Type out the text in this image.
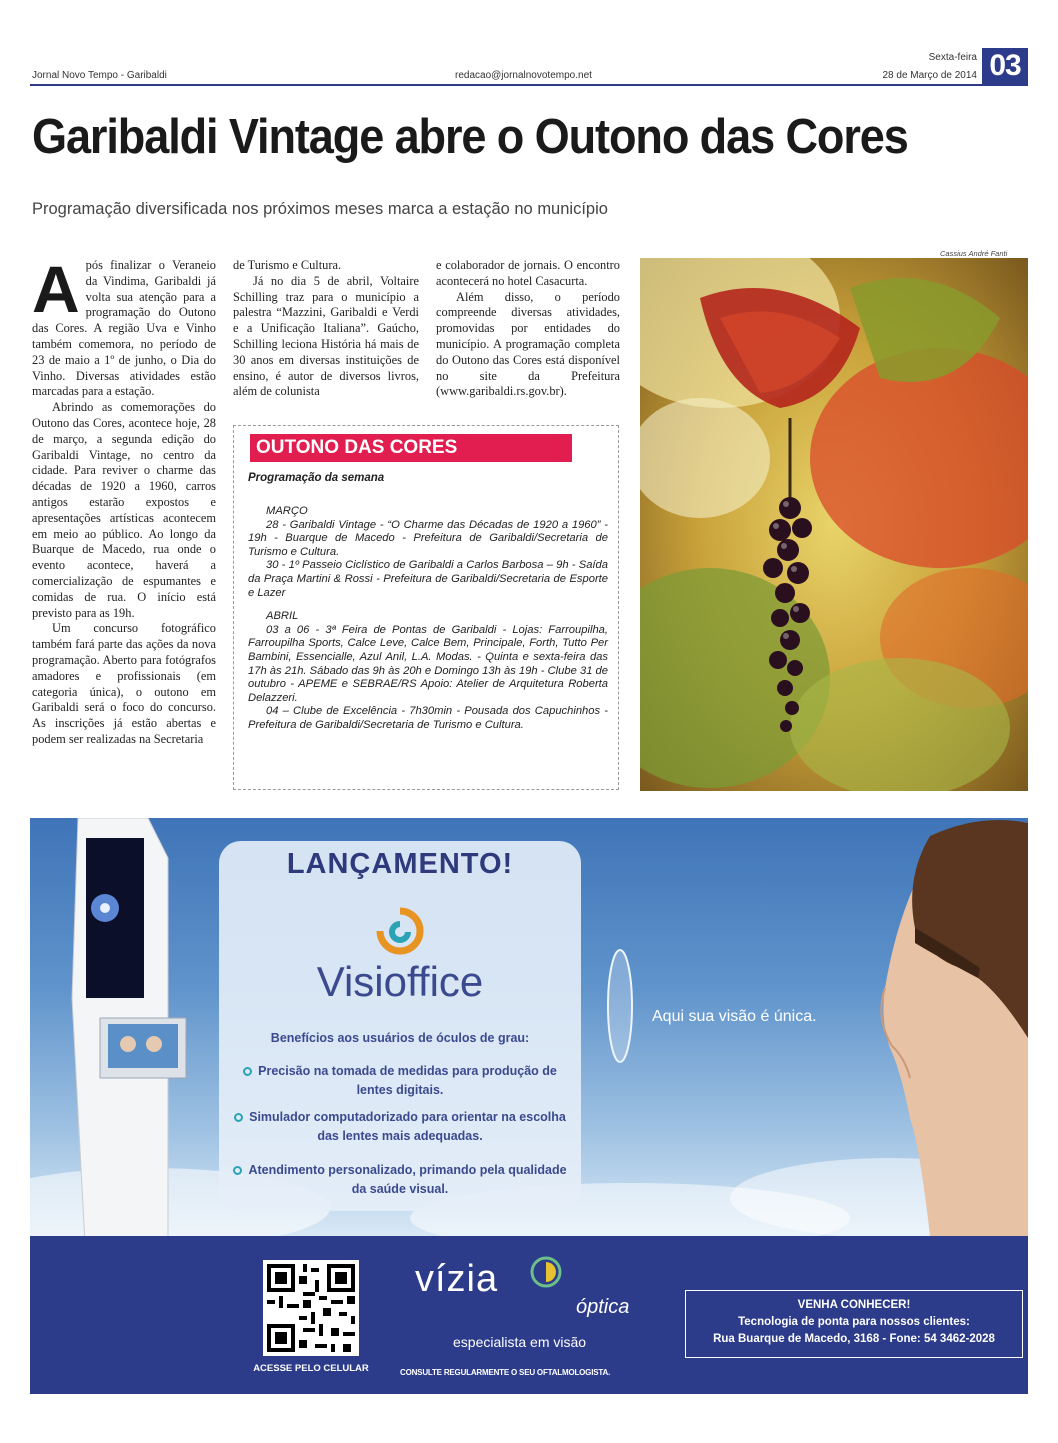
Jornal Novo Tempo - Garibaldi	redacao@jornalnovotempo.net
Sexta-feira
28 de Março de 2014 03
Garibaldi Vintage abre o Outono das Cores
Programação diversificada nos próximos meses marca a estação no município
A pós finalizar o Veraneio da Vindima, Garibaldi já volta sua atenção para a programação do Outono das Cores. A região Uva e Vinho também comemora, no período de 23 de maio a 1º de junho, o Dia do Vinho. Diversas atividades estão marcadas para a estação.

Abrindo as comemorações do Outono das Cores, acontece hoje, 28 de março, a segunda edição do Garibaldi Vintage, no centro da cidade. Para reviver o charme das décadas de 1920 a 1960, carros antigos estarão expostos e apresentações artísticas acontecem em meio ao público. Ao longo da Buarque de Macedo, rua onde o evento acontece, haverá a comercialização de espumantes e comidas de rua. O início está previsto para as 19h.

Um concurso fotográfico também fará parte das ações da nova programação. Aberto para fotógrafos amadores e profissionais (em categoria única), o outono em Garibaldi será o foco do concurso. As inscrições já estão abertas e podem ser realizadas na Secretaria

de Turismo e Cultura.

Já no dia 5 de abril, Voltaire Schilling traz para o município a palestra “Mazzini, Garibaldi e Verdi e a Unificação Italiana”. Gaúcho, Schilling leciona História há mais de 30 anos em diversas instituições de ensino, é autor de diversos livros, além de colunista

e colaborador de jornais. O encontro acontecerá no hotel Casacurta.

Além disso, o período compreende diversas atividades, promovidas por entidades do município. A programação completa do Outono das Cores está disponível no site da Prefeitura (www.garibaldi.rs.gov.br).

OUTONO DAS CORES
Programação da semana
MARÇO

28 - Garibaldi Vintage - “O Charme das Décadas de 1920 a 1960” - 19h - Buarque de Macedo - Prefeitura de Garibaldi/Secretaria de Turismo e Cultura.

30 - 1º Passeio Ciclístico de Garibaldi a Carlos Barbosa – 9h - Saída da Praça Martini & Rossi - Prefeitura de Garibaldi/Secretaria de Esporte e Lazer

ABRIL

03 a 06 - 3ª Feira de Pontas de Garibaldi - Lojas: Farroupilha, Farroupilha Sports, Calce Leve, Calce Bem, Principale, Forth, Tutto Per Bambini, Essencialle, Azul Anil, L.A. Modas. - Quinta e sexta-feira das 17h às 21h. Sábado das 9h às 20h e Domingo 13h às 19h - Clube 31 de outubro - APEME e SEBRAE/RS Apoio: Atelier de Arquitetura Roberta Delazzeri.

04 – Clube de Excelência - 7h30min - Pousada dos Capuchinhos -Prefeitura de Garibaldi/Secretaria de Turismo e Cultura.

Cassius André Fanti
LANÇAMENTO!
Visioffice
Benefícios aos usuários de óculos de grau:
Precisão na tomada de medidas para produção de lentes digitais.
Simulador computadorizado para orientar na escolha das lentes mais adequadas.
Atendimento personalizado, primando pela qualidade da saúde visual.
Aqui sua visão é única.
ACESSE PELO CELULAR
vízia
óptica
especialista em visão
CONSULTE REGULARMENTE O SEU OFTALMOLOGISTA.
VENHA CONHECER!
Tecnologia de ponta para nossos clientes:
Rua Buarque de Macedo, 3168 - Fone: 54 3462-2028
